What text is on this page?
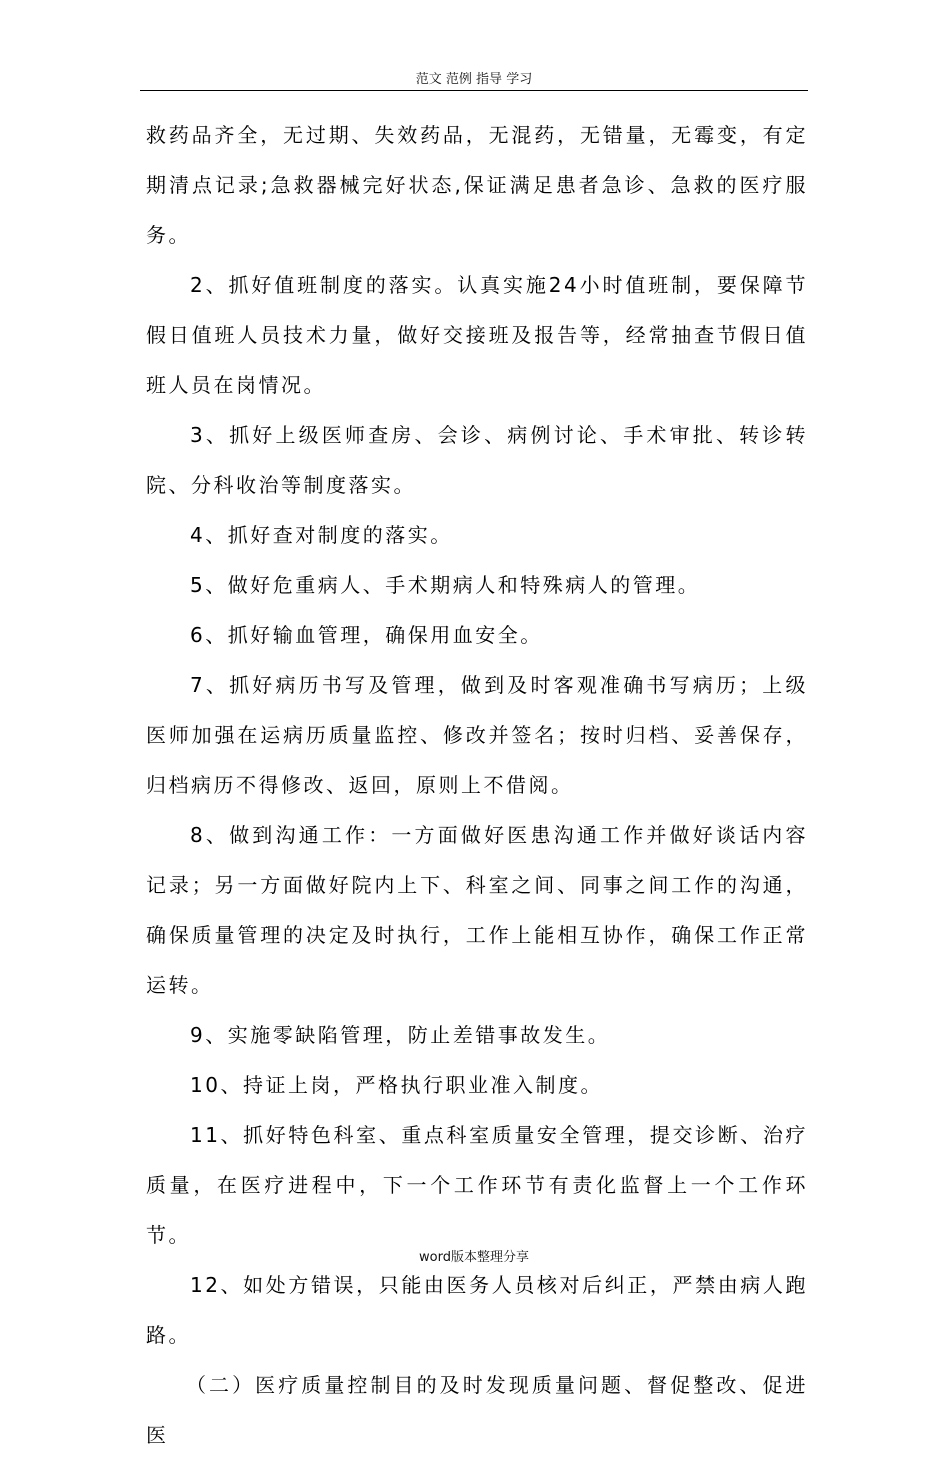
范文 范例 指导 学习

救药品齐全，无过期、失效药品，无混药，无错量，无霉变，有定期清点记录;急救器械完好状态,保证满足患者急诊、急救的医疗服务。

2、抓好值班制度的落实。认真实施24小时值班制，要保障节假日值班人员技术力量，做好交接班及报告等，经常抽查节假日值班人员在岗情况。

3、抓好上级医师查房、会诊、病例讨论、手术审批、转诊转院、分科收治等制度落实。

4、抓好查对制度的落实。

5、做好危重病人、手术期病人和特殊病人的管理。

6、抓好输血管理，确保用血安全。

7、抓好病历书写及管理，做到及时客观准确书写病历；上级医师加强在运病历质量监控、修改并签名；按时归档、妥善保存，归档病历不得修改、返回，原则上不借阅。

8、做到沟通工作：一方面做好医患沟通工作并做好谈话内容记录；另一方面做好院内上下、科室之间、同事之间工作的沟通，确保质量管理的决定及时执行，工作上能相互协作，确保工作正常运转。

9、实施零缺陷管理，防止差错事故发生。

10、持证上岗，严格执行职业准入制度。

11、抓好特色科室、重点科室质量安全管理，提交诊断、治疗质量，在医疗进程中，下一个工作环节有责化监督上一个工作环节。

12、如处方错误，只能由医务人员核对后纠正，严禁由病人跑路。

（二）医疗质量控制目的及时发现质量问题、督促整改、促进医

word版本整理分享
